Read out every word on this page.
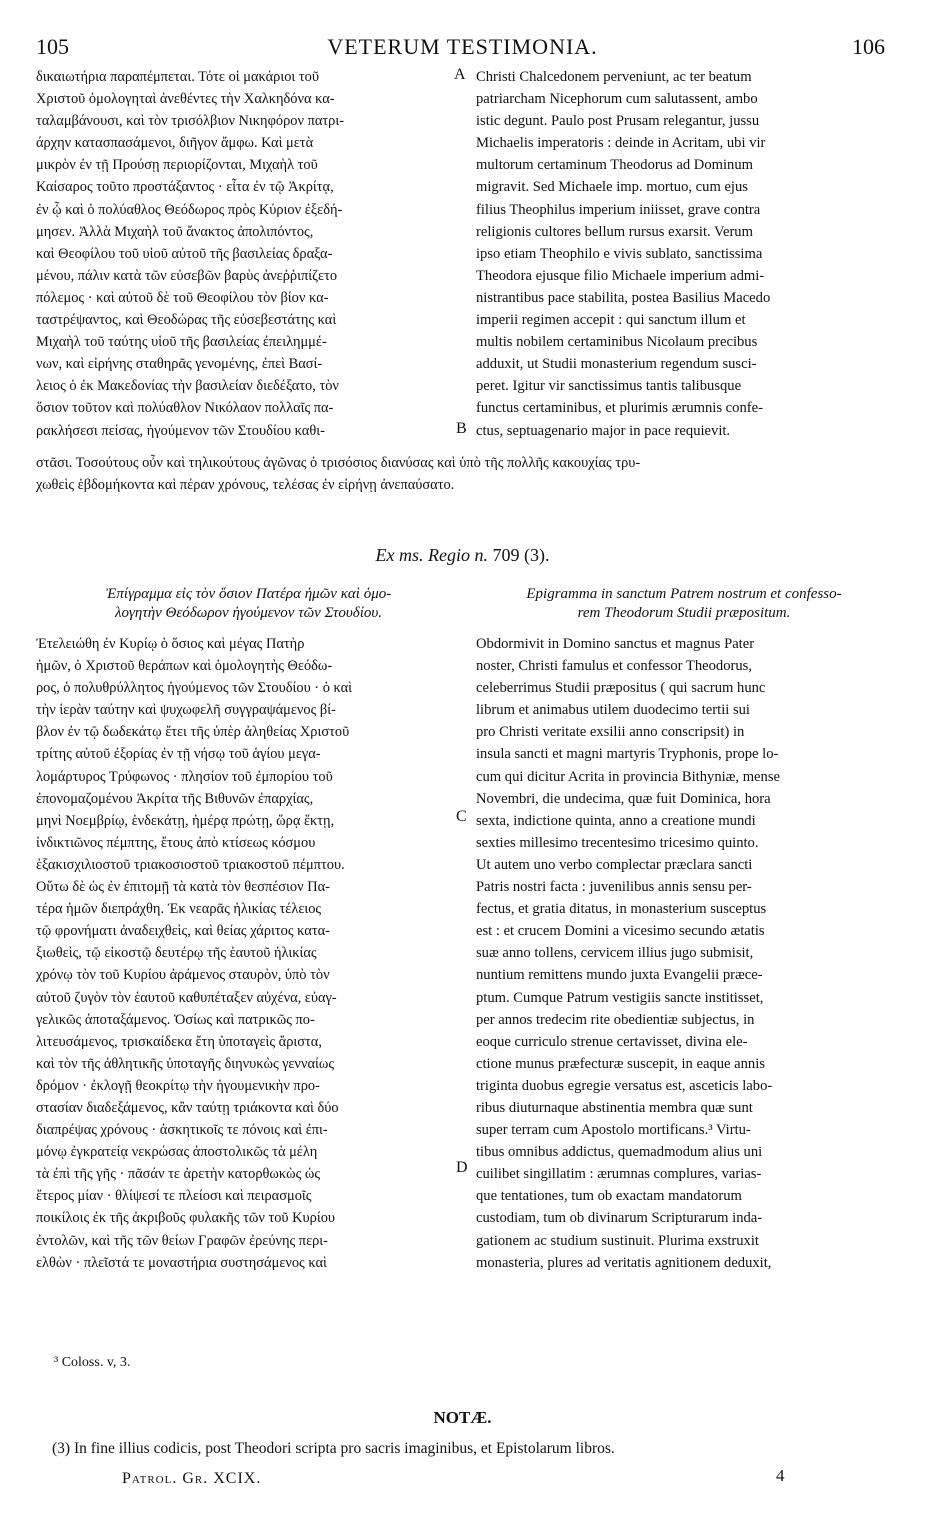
105	VETERUM TESTIMONIA.	106
δικαιωτήρια παραπέμπεται. Τότε οἱ μακάριοι τοῦ
Χριστοῦ ὁμολογηταὶ ἀνεθέντες τὴν Χαλκηδόνα κα-
ταλαμβάνουσι, καὶ τὸν τρισόλβιον Νικηφόρον πατρι-
άρχην κατασπασάμενοι, διῆγον ἄμφω. Καὶ μετὰ
μικρὸν ἐν τῇ Προύσῃ περιορίζονται, Μιχαὴλ τοῦ
Καίσαρος τοῦτο προστάξαντος · εἶτα ἐν τῷ Ἀκρίτᾳ,
ἐν ᾧ καὶ ὁ πολύαθλος Θεόδωρος πρὸς Κύριον ἐξεδή-
μησεν. Ἀλλὰ Μιχαὴλ τοῦ ἄνακτος ἀπολιπόντος,
καὶ Θεοφίλου τοῦ υἱοῦ αὐτοῦ τῆς βασιλείας δραξα-
μένου, πάλιν κατὰ τῶν εὐσεβῶν βαρὺς ἀνεῤῥιπίζετο
πόλεμος · καὶ αὐτοῦ δὲ τοῦ Θεοφίλου τὸν βίον κα-
ταστρέψαντος, καὶ Θεοδώρας τῆς εὐσεβεστάτης καὶ
Μιχαὴλ τοῦ ταύτης υἱοῦ τῆς βασιλείας ἐπειλημμέ-
νων, καὶ εἰρήνης σταθηρᾶς γενομένης, ἐπεὶ Βασί-
λειος ὁ ἐκ Μακεδονίας τὴν βασιλείαν διεδέξατο, τὸν
ὅσιον τοῦτον καὶ πολύαθλον Νικόλαον πολλαῖς πα-
ρακλήσεσι πείσας, ἡγούμενον τῶν Στουδίου καθι-
Christi Chalcedonem perveniunt, ac ter beatum
patriarcham Nicephorum cum salutassent, ambo
istic degunt. Paulo post Prusam relegantur, jussu
Michaelis imperatoris : deinde in Acritam, ubi vir
multorum certaminum Theodorus ad Dominum
migravit. Sed Michaele imp. mortuo, cum ejus
filius Theophilus imperium iniisset, grave contra
religionis cultores bellum rursus exarsit. Verum
ipso etiam Theophilo e vivis sublato, sanctissima
Theodora ejusque filio Michaele imperium admi-
nistrantibus pace stabilita, postea Basilius Macedo
imperii regimen accepit : qui sanctum illum et
multis nobilem certaminibus Nicolaum precibus
adduxit, ut Studii monasterium regendum susci-
peret. Igitur vir sanctissimus tantis talibusque
functus certaminibus, et plurimis ærumnis confe-
ctus, septuagenario major in pace requievit.
A
B
στᾶσι. Τοσούτους οὖν καὶ τηλικούτους ἀγῶνας ὁ τρισόσιος διανύσας καὶ ὑπὸ τῆς πολλῆς κακουχίας τρυ-
χωθεὶς ἑβδομήκοντα καὶ πέραν χρόνους, τελέσας ἐν εἰρήνῃ ἀνεπαύσατο.
Ex ms. Regio n. 709 (3).
Ἐπίγραμμα εἰς τὸν ὅσιον Πατέρα ἡμῶν καὶ ὁμο-
λογητὴν Θεόδωρον ἡγούμενον τῶν Στουδίου.
Epigramma in sanctum Patrem nostrum et confesso-
rem Theodorum Studii præpositum.
Ἐτελειώθη ἐν Κυρίῳ ὁ ὅσιος καὶ μέγας Πατὴρ
ἡμῶν, ὁ Χριστοῦ θεράπων καὶ ὁμολογητὴς Θεόδω-
ρος, ὁ πολυθρύλλητος ἡγούμενος τῶν Στουδίου · ὁ καὶ
τὴν ἱερὰν ταύτην καὶ ψυχωφελῆ συγγραψάμενος βί-
βλον ἐν τῷ δωδεκάτῳ ἔτει τῆς ὑπὲρ ἀληθείας Χριστοῦ
τρίτης αὐτοῦ ἐξορίας ἐν τῇ νήσῳ τοῦ ἁγίου μεγα-
λομάρτυρος Τρύφωνος · πλησίον τοῦ ἐμπορίου τοῦ
ἐπονομαζομένου Ἀκρίτα τῆς Βιθυνῶν ἐπαρχίας,
μηνὶ Νοεμβρίῳ, ἑνδεκάτῃ, ἡμέρᾳ πρώτῃ, ὥρᾳ ἕκτῃ,
ἰνδικτιῶνος πέμπτης, ἔτους ἀπὸ κτίσεως κόσμου
ἑξακισχιλιοστοῦ τριακοσιοστοῦ τριακοστοῦ πέμπτου.
Οὕτω δὲ ὡς ἐν ἐπιτομῇ τὰ κατὰ τὸν θεσπέσιον Πα-
τέρα ἡμῶν διεπράχθη. Ἐκ νεαρᾶς ἡλικίας τέλειος
τῷ φρονήματι ἀναδειχθεὶς, καὶ θείας χάριτος κατα-
ξιωθεὶς, τῷ εἰκοστῷ δευτέρῳ τῆς ἑαυτοῦ ἡλικίας
χρόνῳ τὸν τοῦ Κυρίου ἀράμενος σταυρὸν, ὑπὸ τὸν
αὐτοῦ ζυγὸν τὸν ἑαυτοῦ καθυπέταξεν αὐχένα, εὐαγ-
γελικῶς ἀποταξάμενος. Ὁσίως καὶ πατρικῶς πο-
λιτευσάμενος, τρισκαίδεκα ἔτη ὑποταγεὶς ἄριστα,
καὶ τὸν τῆς ἀθλητικῆς ὑποταγῆς διηνυκὼς γενναίως
δρόμον · ἐκλογῇ θεοκρίτῳ τὴν ἡγουμενικὴν προ-
στασίαν διαδεξάμενος, κἂν ταύτῃ τριάκοντα καὶ δύο
διαπρέψας χρόνους · ἀσκητικοῖς τε πόνοις καὶ ἐπι-
μόνῳ ἐγκρατείᾳ νεκρώσας ἀποστολικῶς τὰ μέλη
τὰ ἐπὶ τῆς γῆς · πᾶσάν τε ἀρετὴν κατορθωκὼς ὡς
ἕτερος μίαν · θλίψεσί τε πλείοσι καὶ πειρασμοῖς
ποικίλοις ἐκ τῆς ἀκριβοῦς φυλακῆς τῶν τοῦ Κυρίου
ἐντολῶν, καὶ τῆς τῶν θείων Γραφῶν ἐρεύνης περι-
ελθὼν · πλεῖστά τε μοναστήρια συστησάμενος καὶ
Obdormivit in Domino sanctus et magnus Pater
noster, Christi famulus et confessor Theodorus,
celeberrimus Studii præpositus ( qui sacrum hunc
librum et animabus utilem duodecimo tertii sui
pro Christi veritate exsilii anno conscripsit) in
insula sancti et magni martyris Tryphonis, prope lo-
cum qui dicitur Acrita in provincia Bithyniæ, mense
Novembri, die undecima, quæ fuit Dominica, hora
sexta, indictione quinta, anno a creatione mundi
sexties millesimo trecentesimo tricesimo quinto.
Ut autem uno verbo complectar præclara sancti
Patris nostri facta : juvenilibus annis sensu per-
fectus, et gratia ditatus, in monasterium susceptus
est : et crucem Domini a vicesimo secundo ætatis
suæ anno tollens, cervicem illius jugo submisit,
nuntium remittens mundo juxta Evangelii præce-
ptum. Cumque Patrum vestigiis sancte institisset,
per annos tredecim rite obedientiæ subjectus, in
eoque curriculo strenue certavisset, divina ele-
ctione munus præfecturæ suscepit, in eaque annis
triginta duobus egregie versatus est, asceticis labo-
ribus diuturnaque abstinentia membra quæ sunt
super terram cum Apostolo mortificans.³ Virtu-
tibus omnibus addictus, quemadmodum alius uni
cuilibet singillatim : ærumnas complures, varias-
que tentationes, tum ob exactam mandatorum
custodiam, tum ob divinarum Scripturarum inda-
gationem ac studium sustinuit. Plurima exstruxit
monasteria, plures ad veritatis agnitionem deduxit,
C
D
³ Coloss. v, 3.
NOTÆ.
(3) In fine illius codicis, post Theodori scripta pro sacris imaginibus, et Epistolarum libros.
Patrol. Gr. XCIX.	4
